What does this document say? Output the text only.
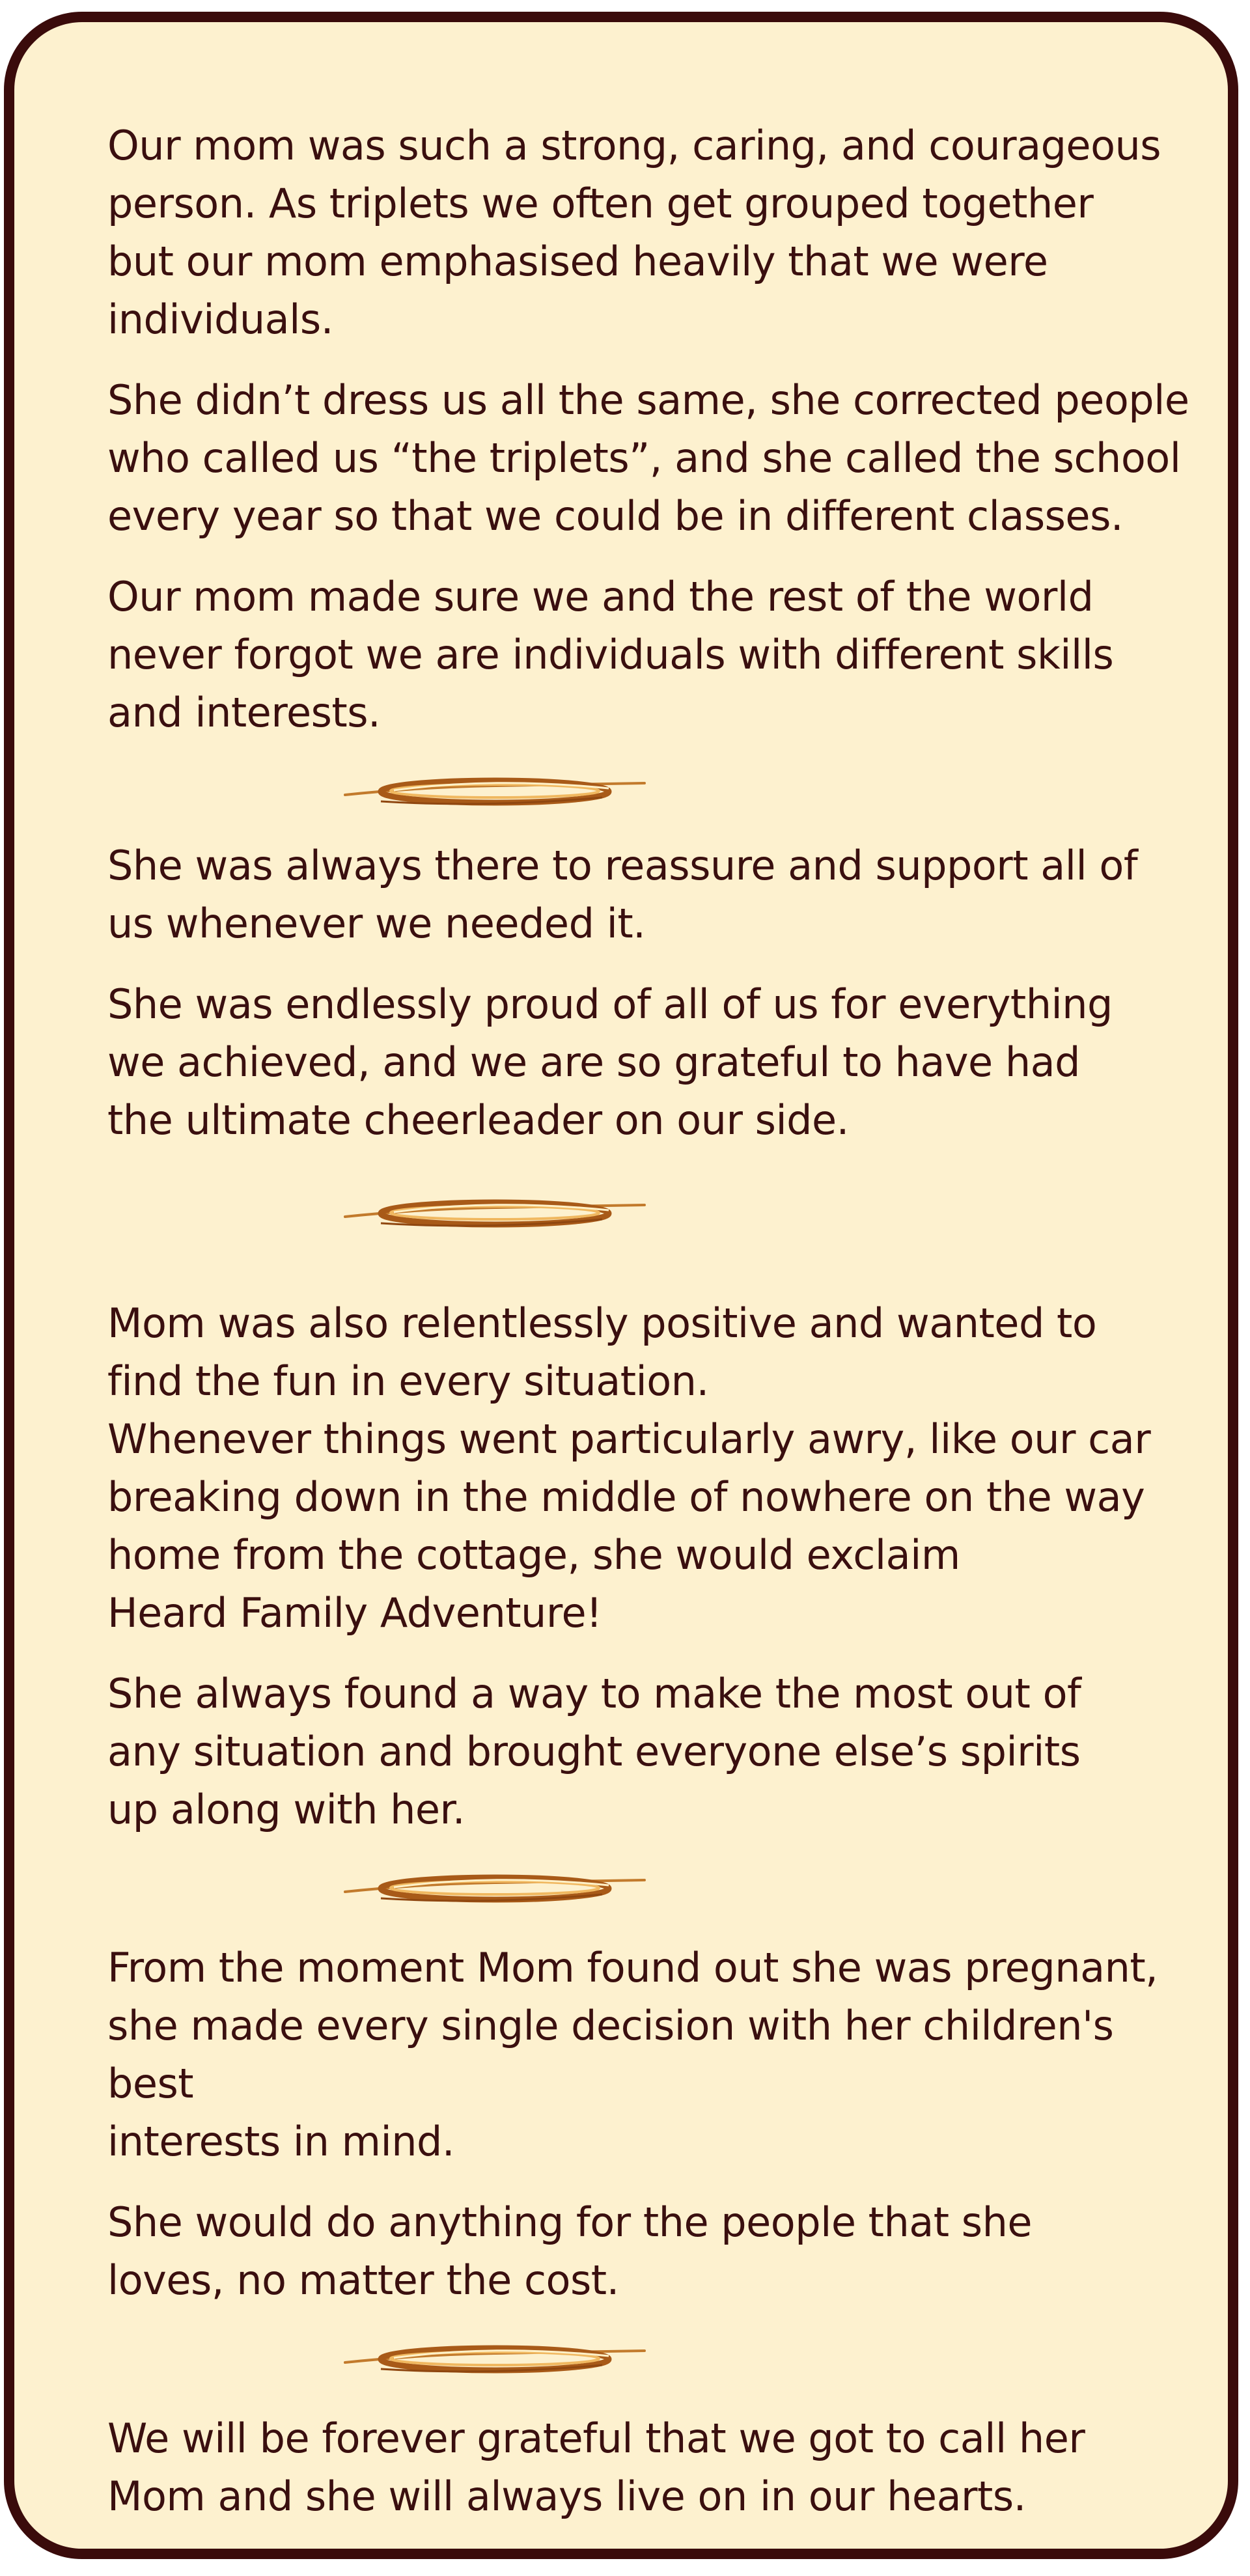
Our mom was such a strong, caring, and courageous
person. As triplets we often get grouped together
but our mom emphasised heavily that we were
individuals.

She didn’t dress us all the same, she corrected people
who called us “the triplets”, and she called the school
every year so that we could be in different classes.

Our mom made sure we and the rest of the world
never forgot we are individuals with different skills
and interests.

She was always there to reassure and support all of
us whenever we needed it.

She was endlessly proud of all of us for everything
we achieved, and we are so grateful to have had
the ultimate cheerleader on our side.

Mom was also relentlessly positive and wanted to
find the fun in every situation.
Whenever things went particularly awry, like our car
breaking down in the middle of nowhere on the way
home from the cottage, she would exclaim
Heard Family Adventure!

She always found a way to make the most out of
any situation and brought everyone else’s spirits
up along with her.

From the moment Mom found out she was pregnant,
she made every single decision with her children's best
interests in mind.

She would do anything for the people that she
loves, no matter the cost.

We will be forever grateful that we got to call her
Mom and she will always live on in our hearts.
